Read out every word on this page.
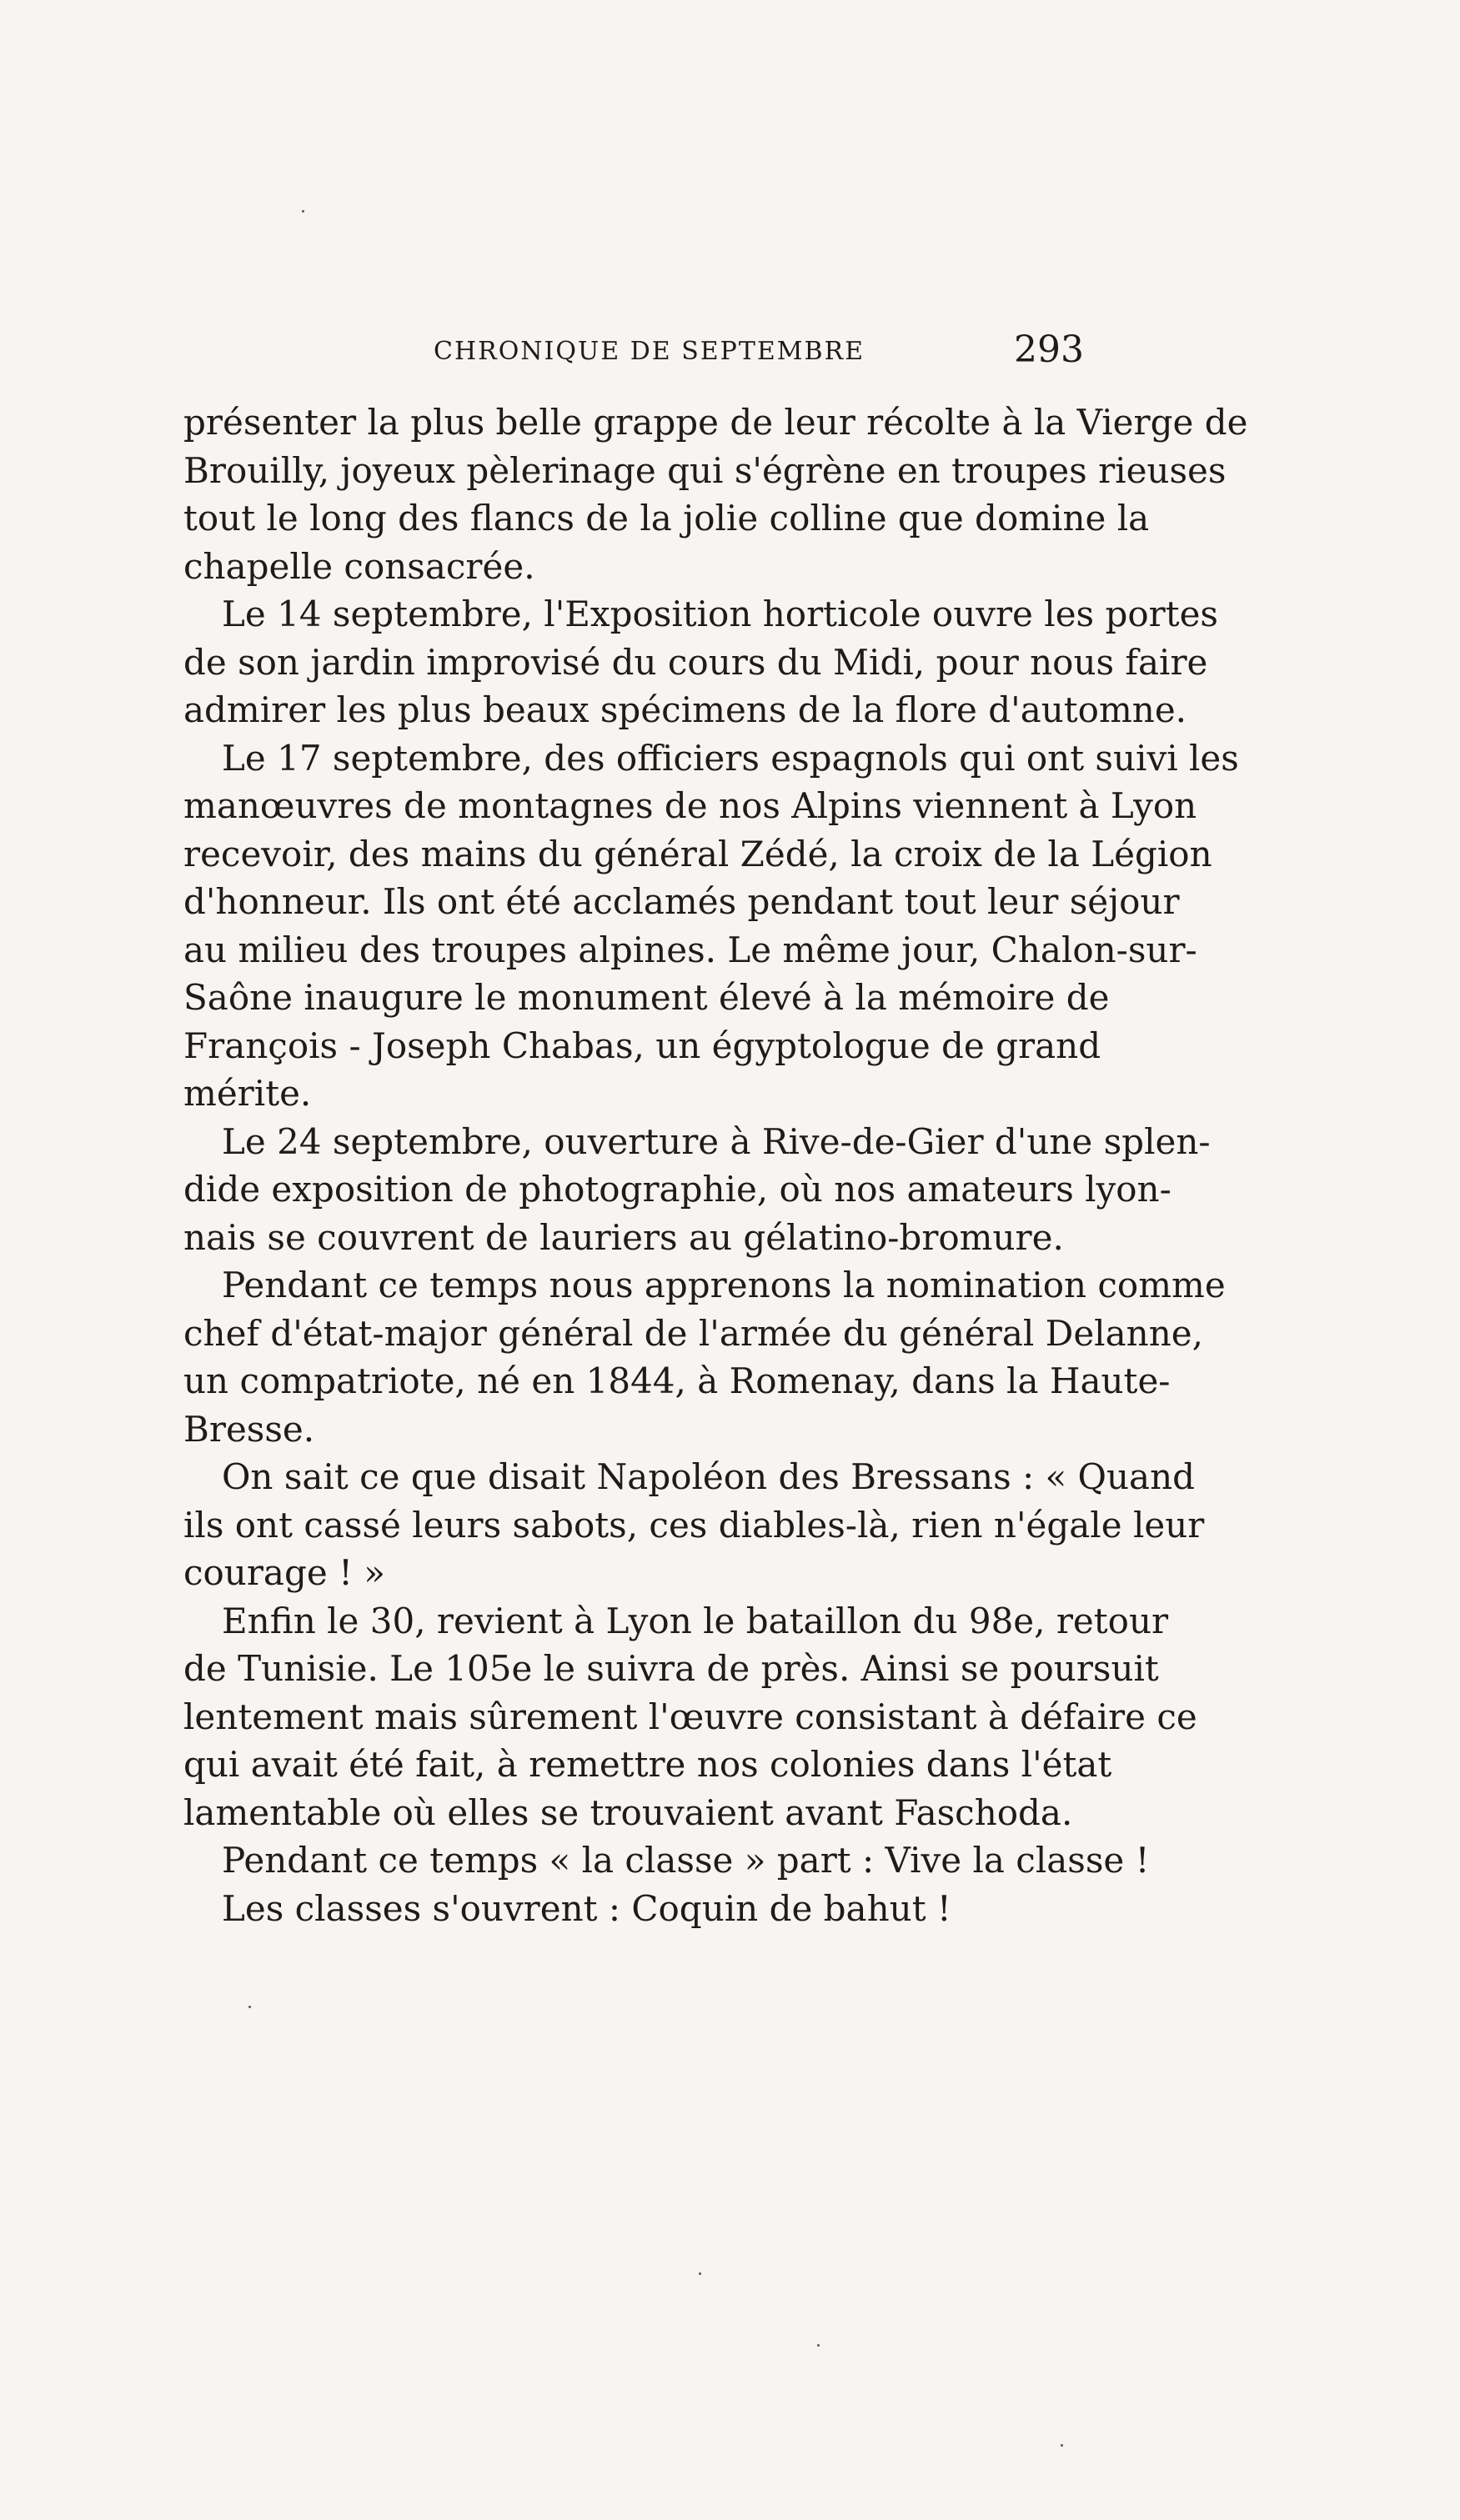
CHRONIQUE DE SEPTEMBRE	293
présenter la plus belle grappe de leur récolte à la Vierge de
Brouilly, joyeux pèlerinage qui s'égrène en troupes rieuses
tout le long des flancs de la jolie colline que domine la
chapelle consacrée.
Le 14 septembre, l'Exposition horticole ouvre les portes
de son jardin improvisé du cours du Midi, pour nous faire
admirer les plus beaux spécimens de la flore d'automne.
Le 17 septembre, des officiers espagnols qui ont suivi les
manœuvres de montagnes de nos Alpins viennent à Lyon
recevoir, des mains du général Zédé, la croix de la Légion
d'honneur. Ils ont été acclamés pendant tout leur séjour
au milieu des troupes alpines. Le même jour, Chalon-sur-
Saône inaugure le monument élevé à la mémoire de
François - Joseph Chabas, un égyptologue de grand
mérite.
Le 24 septembre, ouverture à Rive-de-Gier d'une splen-
dide exposition de photographie, où nos amateurs lyon-
nais se couvrent de lauriers au gélatino-bromure.
Pendant ce temps nous apprenons la nomination comme
chef d'état-major général de l'armée du général Delanne,
un compatriote, né en 1844, à Romenay, dans la Haute-
Bresse.
On sait ce que disait Napoléon des Bressans : « Quand
ils ont cassé leurs sabots, ces diables-là, rien n'égale leur
courage ! »
Enfin le 30, revient à Lyon le bataillon du 98e, retour
de Tunisie. Le 105e le suivra de près. Ainsi se poursuit
lentement mais sûrement l'œuvre consistant à défaire ce
qui avait été fait, à remettre nos colonies dans l'état
lamentable où elles se trouvaient avant Faschoda.
Pendant ce temps « la classe » part : Vive la classe !
Les classes s'ouvrent : Coquin de bahut !
